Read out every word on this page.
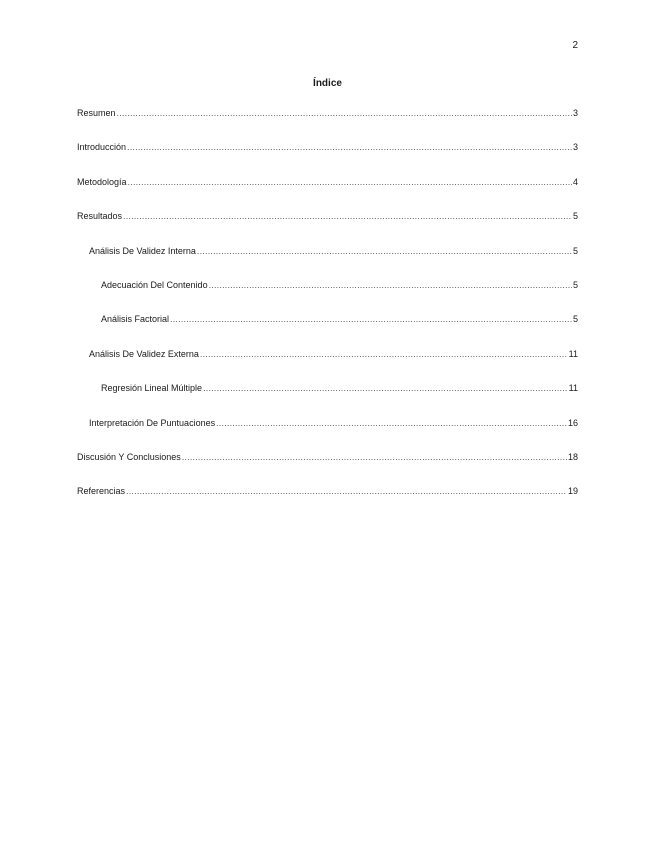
2
Índice
Resumen .....	3
Introducción .....	3
Metodología .....	4
Resultados .....	5
Análisis De Validez Interna .....	5
Adecuación Del Contenido .....	5
Análisis Factorial .....	5
Análisis De Validez Externa .....	11
Regresión Lineal Múltiple .....	11
Interpretación De Puntuaciones .....	16
Discusión Y Conclusiones .....	18
Referencias .....	19
